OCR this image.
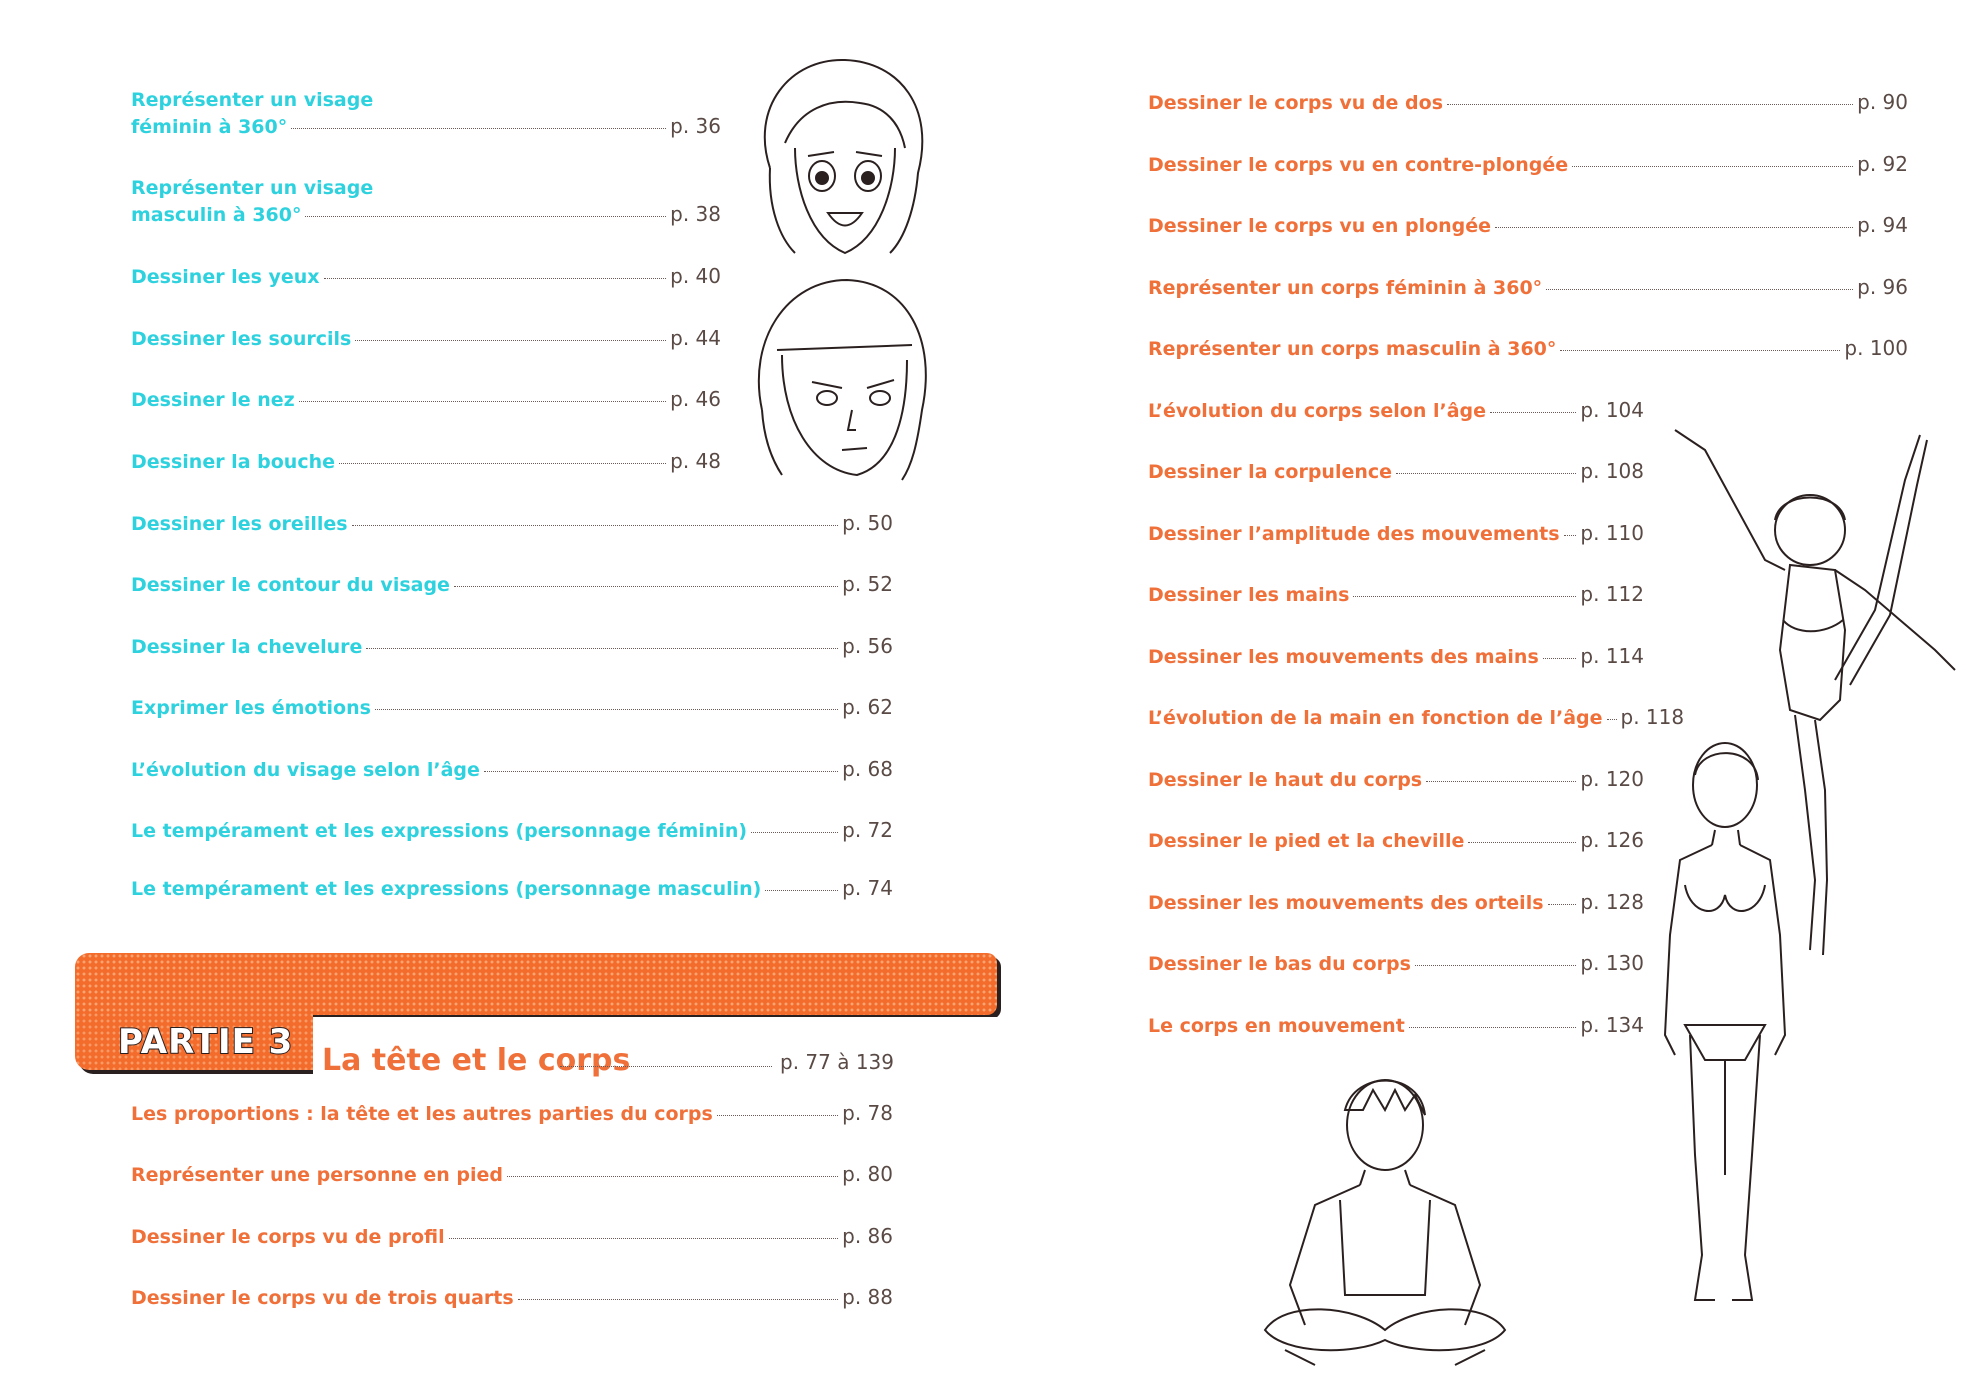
Représenter un visage
féminin à 360°	p. 36
Représenter un visage
masculin à 360°	p. 38
Dessiner les yeux	p. 40
Dessiner les sourcils	p. 44
Dessiner le nez	p. 46
Dessiner la bouche	p. 48
Dessiner les oreilles	p. 50
Dessiner le contour du visage	p. 52
Dessiner la chevelure	p. 56
Exprimer les émotions	p. 62
L’évolution du visage selon l’âge	p. 68
Le tempérament et les expressions (personnage féminin)	p. 72
Le tempérament et les expressions (personnage masculin)	p. 74
PARTIE 3 La tête et le corps	p. 77 à 139
Les proportions : la tête et les autres parties du corps	p. 78
Représenter une personne en pied	p. 80
Dessiner le corps vu de profil	p. 86
Dessiner le corps vu de trois quarts	p. 88
Dessiner le corps vu de dos	p. 90
Dessiner le corps vu en contre-plongée	p. 92
Dessiner le corps vu en plongée	p. 94
Représenter un corps féminin à 360°	p. 96
Représenter un corps masculin à 360°	p. 100
L’évolution du corps selon l’âge	p. 104
Dessiner la corpulence	p. 108
Dessiner l’amplitude des mouvements p. 110
Dessiner les mains	p. 112
Dessiner les mouvements des mains p. 114
L’évolution de la main en fonction de l’âge p. 118
Dessiner le haut du corps	p. 120
Dessiner le pied et la cheville	p. 126
Dessiner les mouvements des orteils p. 128
Dessiner le bas du corps	p. 130
Le corps en mouvement	p. 134
